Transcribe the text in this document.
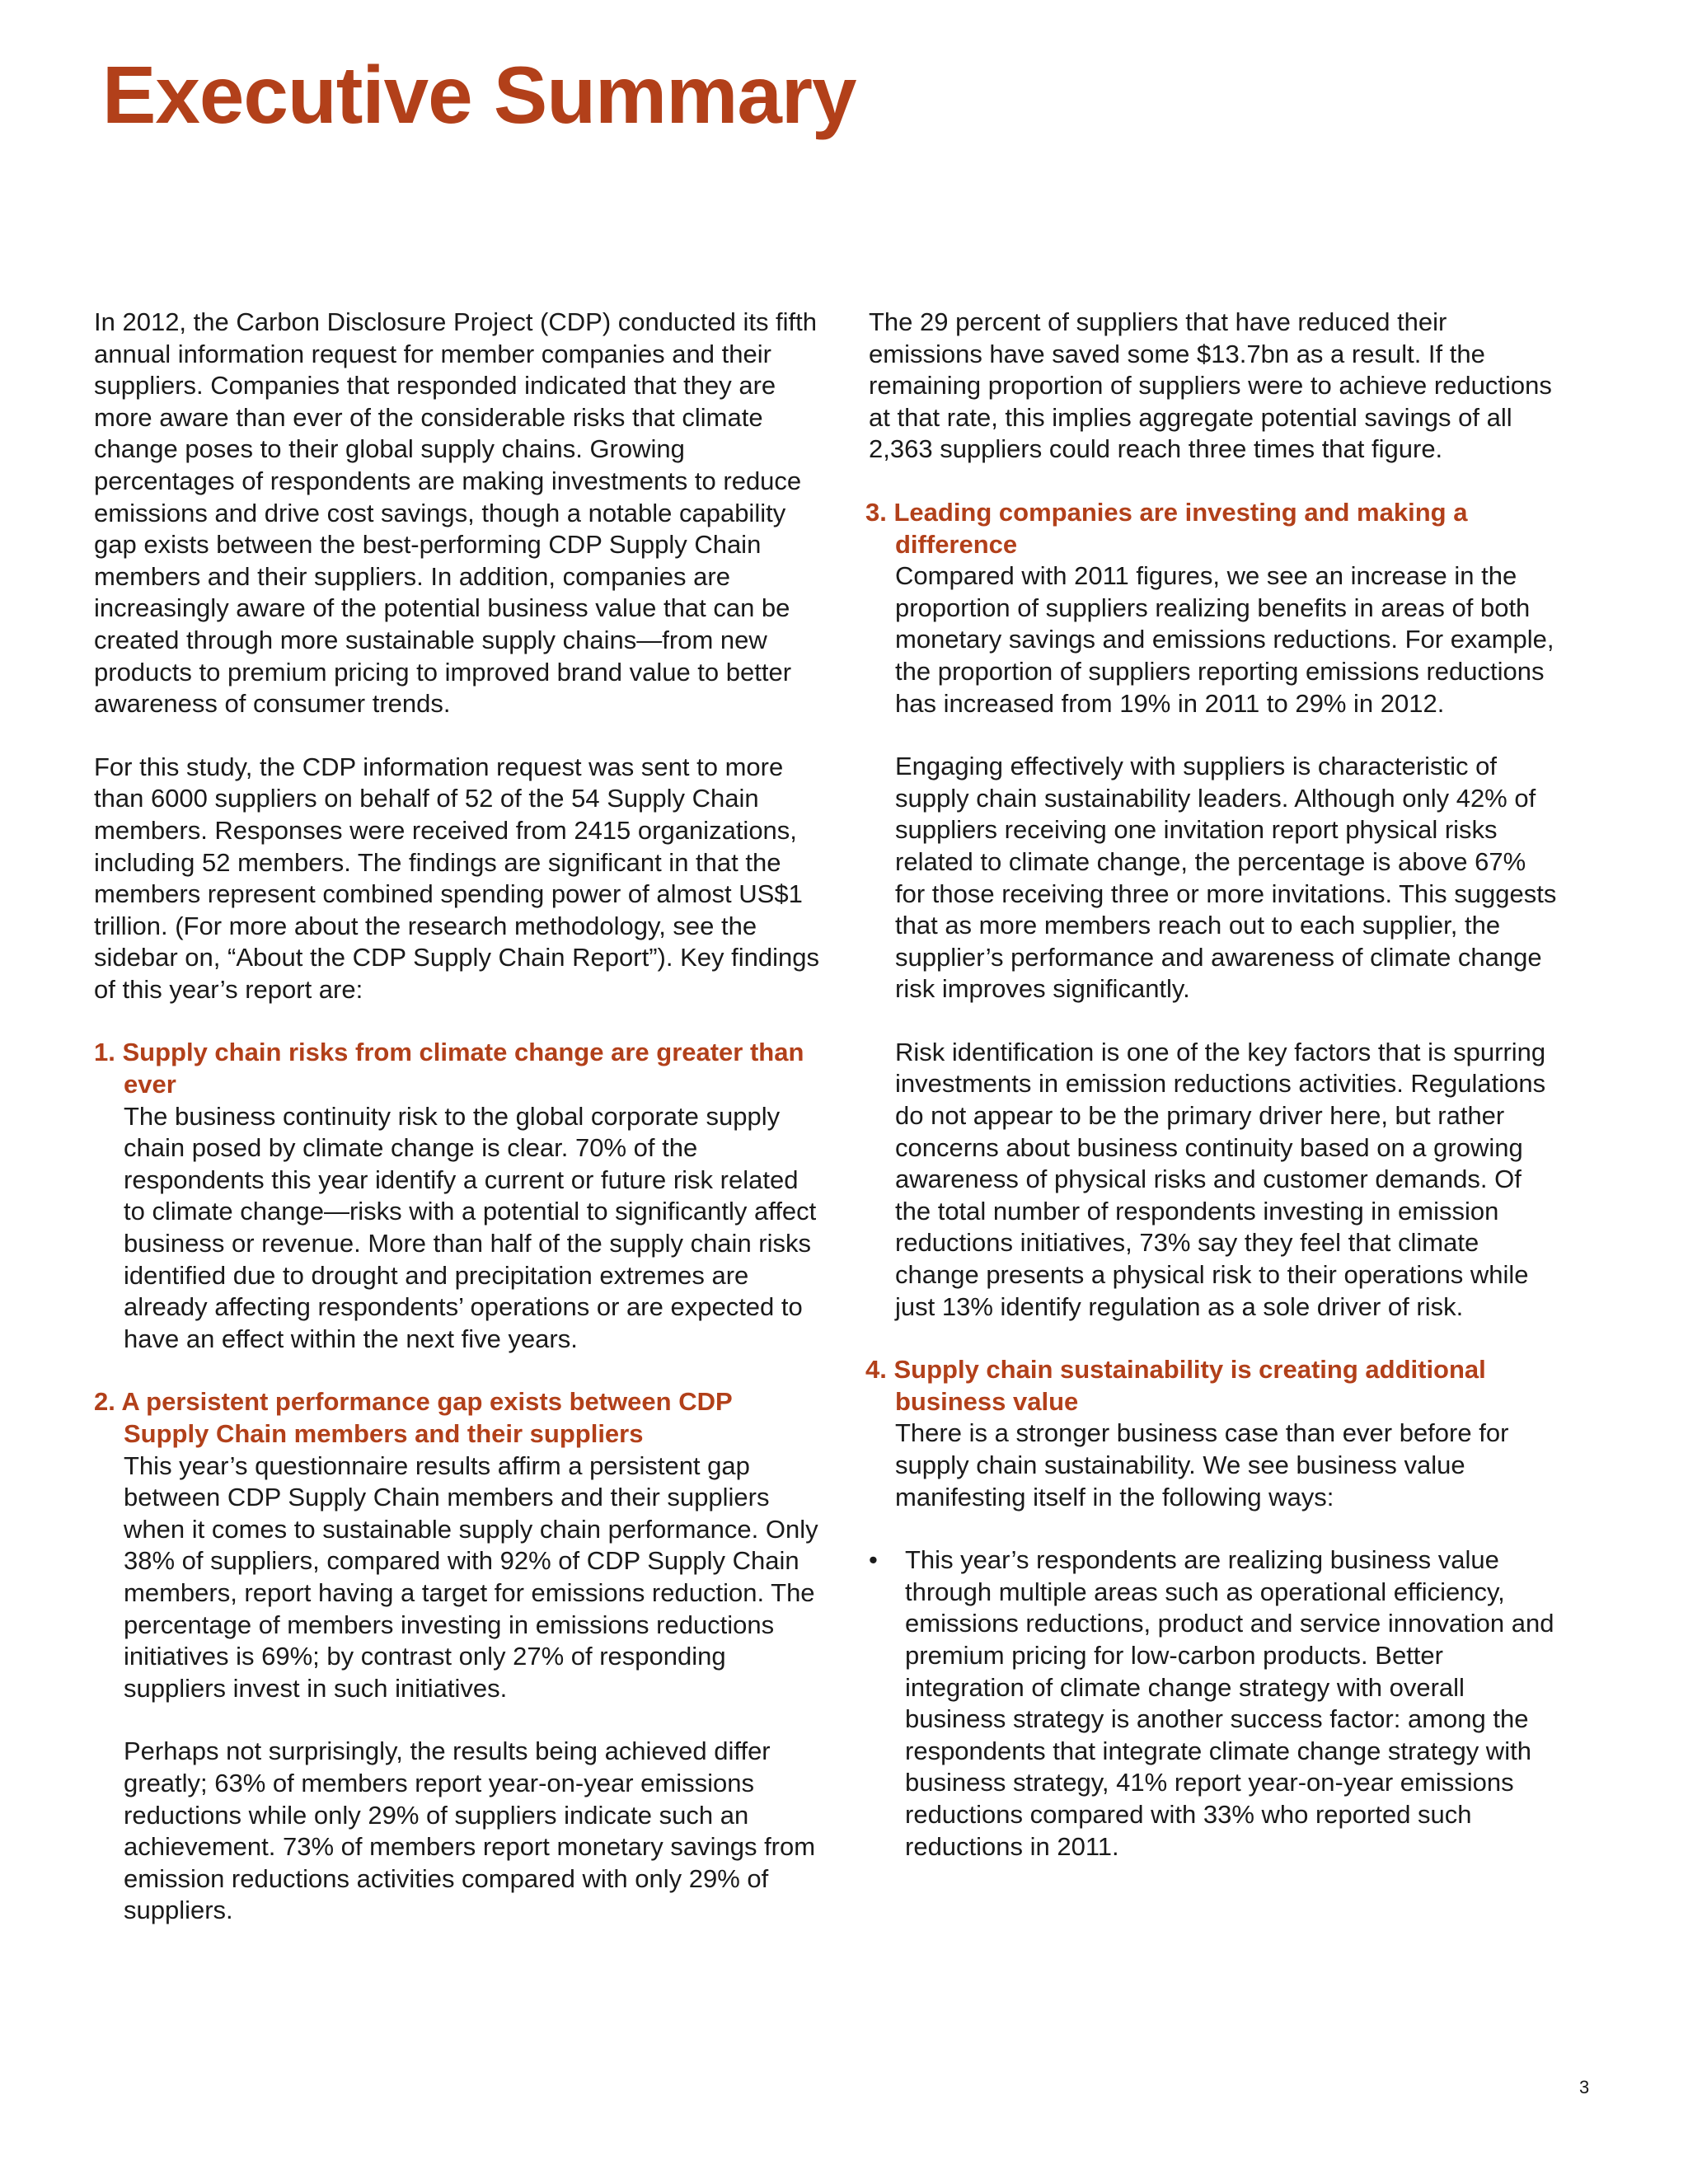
Executive Summary

In 2012, the Carbon Disclosure Project (CDP) conducted its fifth annual information request for member companies and their suppliers. Companies that responded indicated that they are more aware than ever of the considerable risks that climate change poses to their global supply chains. Growing percentages of respondents are making investments to reduce emissions and drive cost savings, though a notable capability gap exists between the best-performing CDP Supply Chain members and their suppliers. In addition, companies are increasingly aware of the potential business value that can be created through more sustainable supply chains—from new products to premium pricing to improved brand value to better awareness of consumer trends.

For this study, the CDP information request was sent to more than 6000 suppliers on behalf of 52 of the 54 Supply Chain members. Responses were received from 2415 organizations, including 52 members. The findings are significant in that the members represent combined spending power of almost US$1 trillion. (For more about the research methodology, see the sidebar on, “About the CDP Supply Chain Report”). Key findings of this year’s report are:

1. Supply chain risks from climate change are greater than ever

The business continuity risk to the global corporate supply chain posed by climate change is clear. 70% of the respondents this year identify a current or future risk related to climate change—risks with a potential to significantly affect business or revenue. More than half of the supply chain risks identified due to drought and precipitation extremes are already affecting respondents’ operations or are expected to have an effect within the next five years.

2. A persistent performance gap exists between CDP Supply Chain members and their suppliers

This year’s questionnaire results affirm a persistent gap between CDP Supply Chain members and their suppliers when it comes to sustainable supply chain performance. Only 38% of suppliers, compared with 92% of CDP Supply Chain members, report having a target for emissions reduction. The percentage of members investing in emissions reductions initiatives is 69%; by contrast only 27% of responding suppliers invest in such initiatives.

Perhaps not surprisingly, the results being achieved differ greatly; 63% of members report year-on-year emissions reductions while only 29% of suppliers indicate such an achievement. 73% of members report monetary savings from emission reductions activities compared with only 29% of suppliers.

The 29 percent of suppliers that have reduced their emissions have saved some $13.7bn as a result. If the remaining proportion of suppliers were to achieve reductions at that rate, this implies aggregate potential savings of all 2,363 suppliers could reach three times that figure.

3. Leading companies are investing and making a difference

Compared with 2011 figures, we see an increase in the proportion of suppliers realizing benefits in areas of both monetary savings and emissions reductions. For example, the proportion of suppliers reporting emissions reductions has increased from 19% in 2011 to 29% in 2012.

Engaging effectively with suppliers is characteristic of supply chain sustainability leaders. Although only 42% of suppliers receiving one invitation report physical risks related to climate change, the percentage is above 67% for those receiving three or more invitations. This suggests that as more members reach out to each supplier, the supplier’s performance and awareness of climate change risk improves significantly.

Risk identification is one of the key factors that is spurring investments in emission reductions activities. Regulations do not appear to be the primary driver here, but rather concerns about business continuity based on a growing awareness of physical risks and customer demands. Of the total number of respondents investing in emission reductions initiatives, 73% say they feel that climate change presents a physical risk to their operations while just 13% identify regulation as a sole driver of risk.

4. Supply chain sustainability is creating additional business value

There is a stronger business case than ever before for supply chain sustainability. We see business value manifesting itself in the following ways:

• This year’s respondents are realizing business value through multiple areas such as operational efficiency, emissions reductions, product and service innovation and premium pricing for low-carbon products. Better integration of climate change strategy with overall business strategy is another success factor: among the respondents that integrate climate change strategy with business strategy, 41% report year-on-year emissions reductions compared with 33% who reported such reductions in 2011.
3
